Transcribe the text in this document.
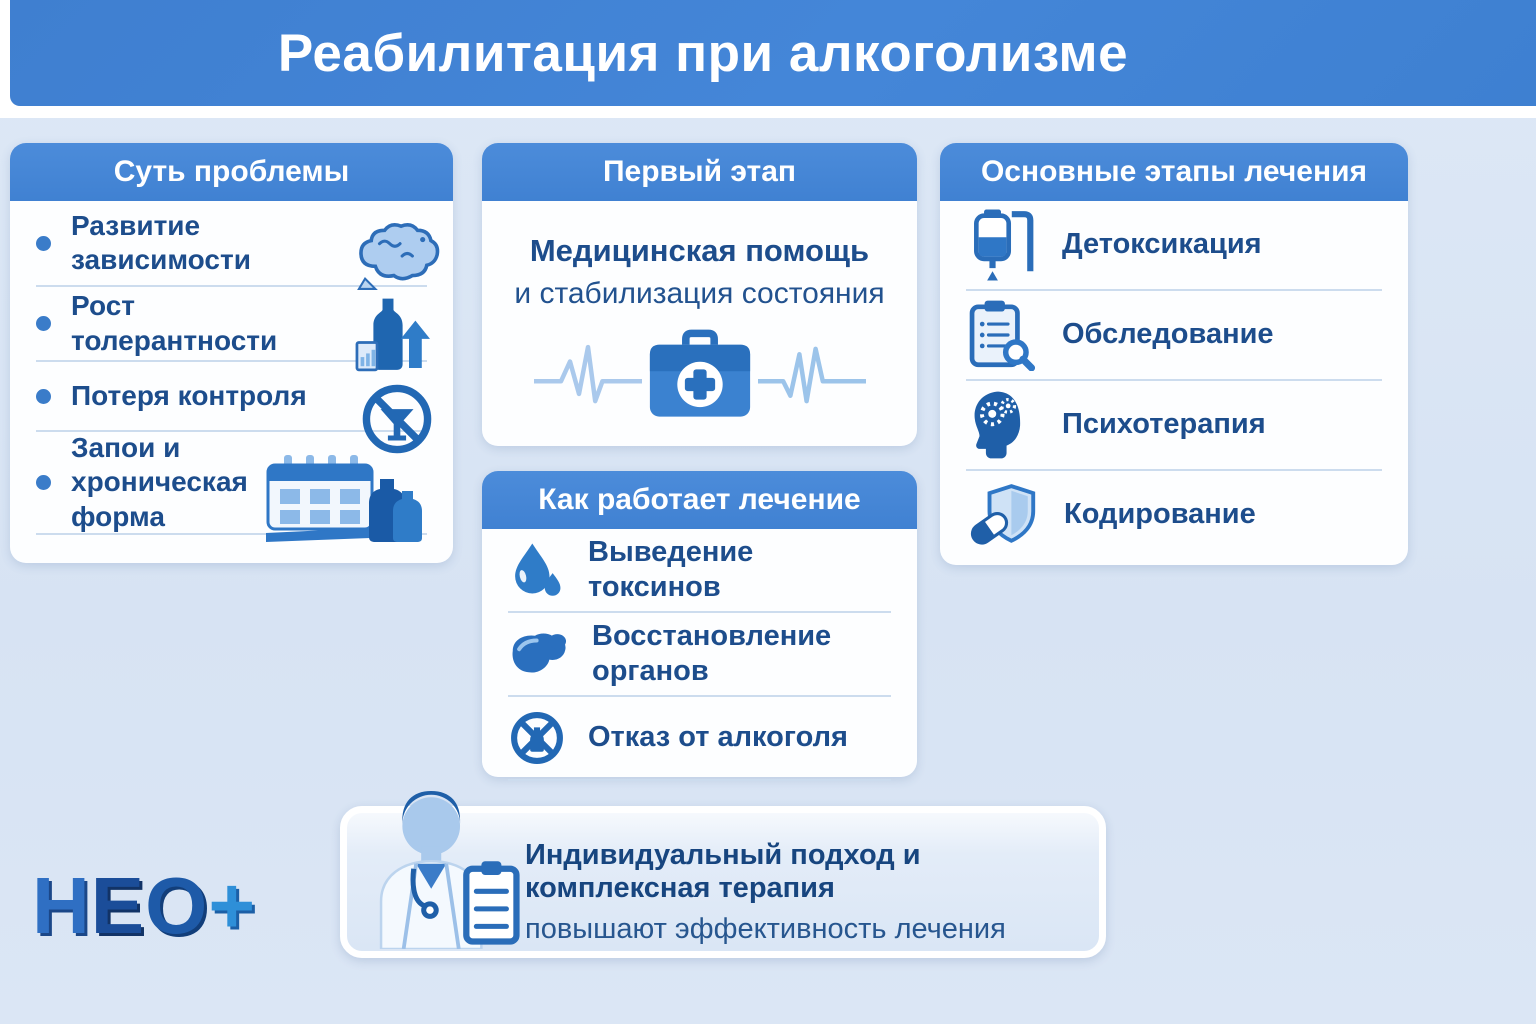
Реабилитация при алкоголизме
Суть проблемы
Развитие зависимости
Рост толерантности
Потеря контроля
Запои и хроническая форма
Первый этап
Медицинская помощь
и стабилизация состояния
Как работает лечение
Выведение токсинов
Восстановление органов
Отказ от алкоголя
Основные этапы лечения
Детоксикация
Обследование
Психотерапия
Кодирование
Индивидуальный подход и комплексная терапия
повышают эффективность лечения
НЕО+
